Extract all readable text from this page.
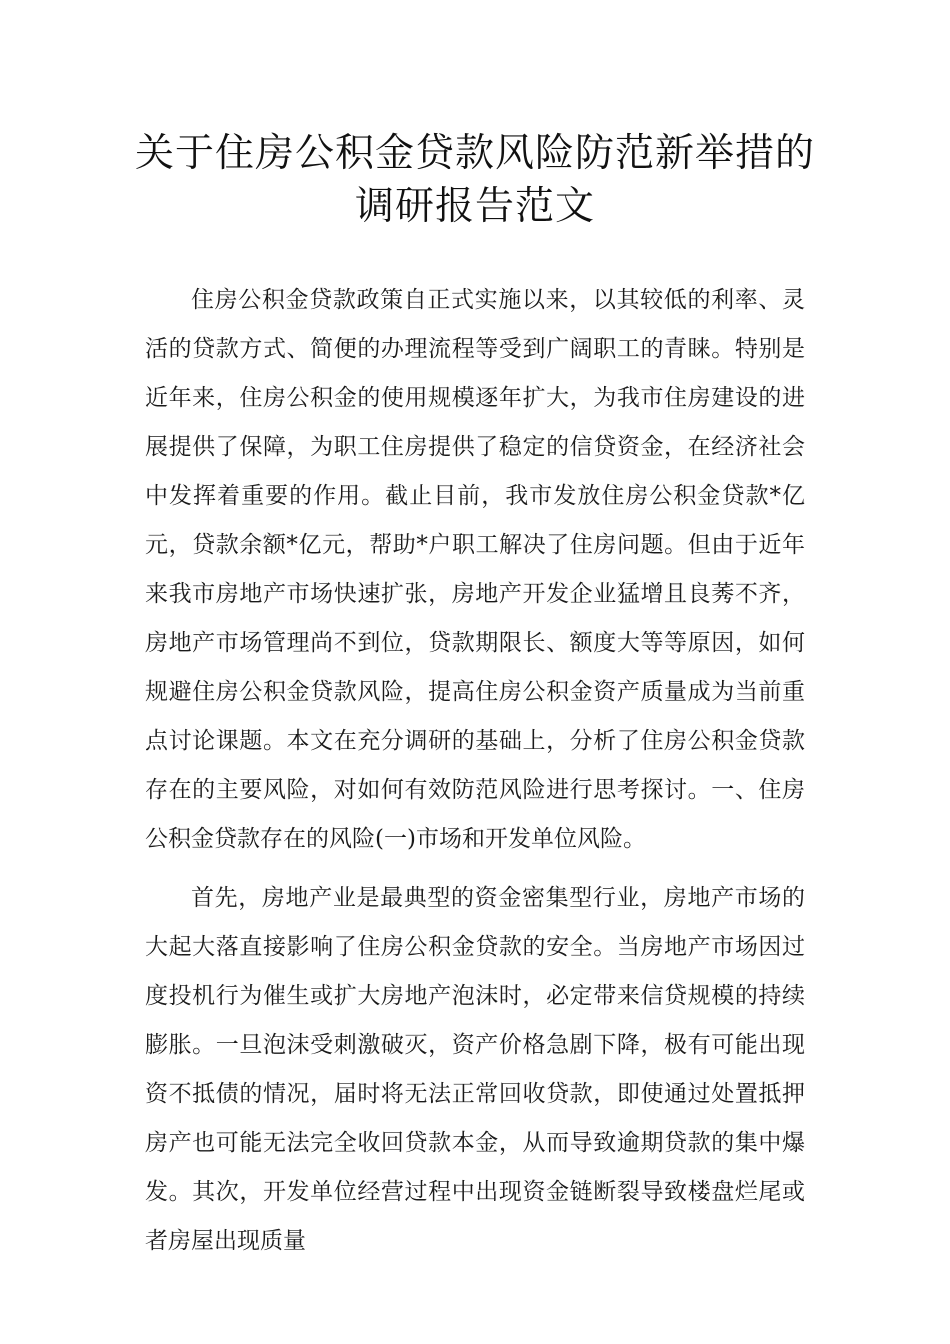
关于住房公积金贷款风险防范新举措的
调研报告范文

住房公积金贷款政策自正式实施以来，以其较低的利率、灵活的贷款方式、简便的办理流程等受到广阔职工的青睐。特别是近年来，住房公积金的使用规模逐年扩大，为我市住房建设的进展提供了保障，为职工住房提供了稳定的信贷资金，在经济社会中发挥着重要的作用。截止目前，我市发放住房公积金贷款*亿元，贷款余额*亿元，帮助*户职工解决了住房问题。但由于近年来我市房地产市场快速扩张，房地产开发企业猛增且良莠不齐，房地产市场管理尚不到位，贷款期限长、额度大等等原因，如何规避住房公积金贷款风险，提高住房公积金资产质量成为当前重点讨论课题。本文在充分调研的基础上，分析了住房公积金贷款存在的主要风险，对如何有效防范风险进行思考探讨。一、住房公积金贷款存在的风险(一)市场和开发单位风险。

首先，房地产业是最典型的资金密集型行业，房地产市场的大起大落直接影响了住房公积金贷款的安全。当房地产市场因过度投机行为催生或扩大房地产泡沫时，必定带来信贷规模的持续膨胀。一旦泡沫受刺激破灭，资产价格急剧下降，极有可能出现资不抵债的情况，届时将无法正常回收贷款，即使通过处置抵押房产也可能无法完全收回贷款本金，从而导致逾期贷款的集中爆发。其次，开发单位经营过程中出现资金链断裂导致楼盘烂尾或者房屋出现质量
